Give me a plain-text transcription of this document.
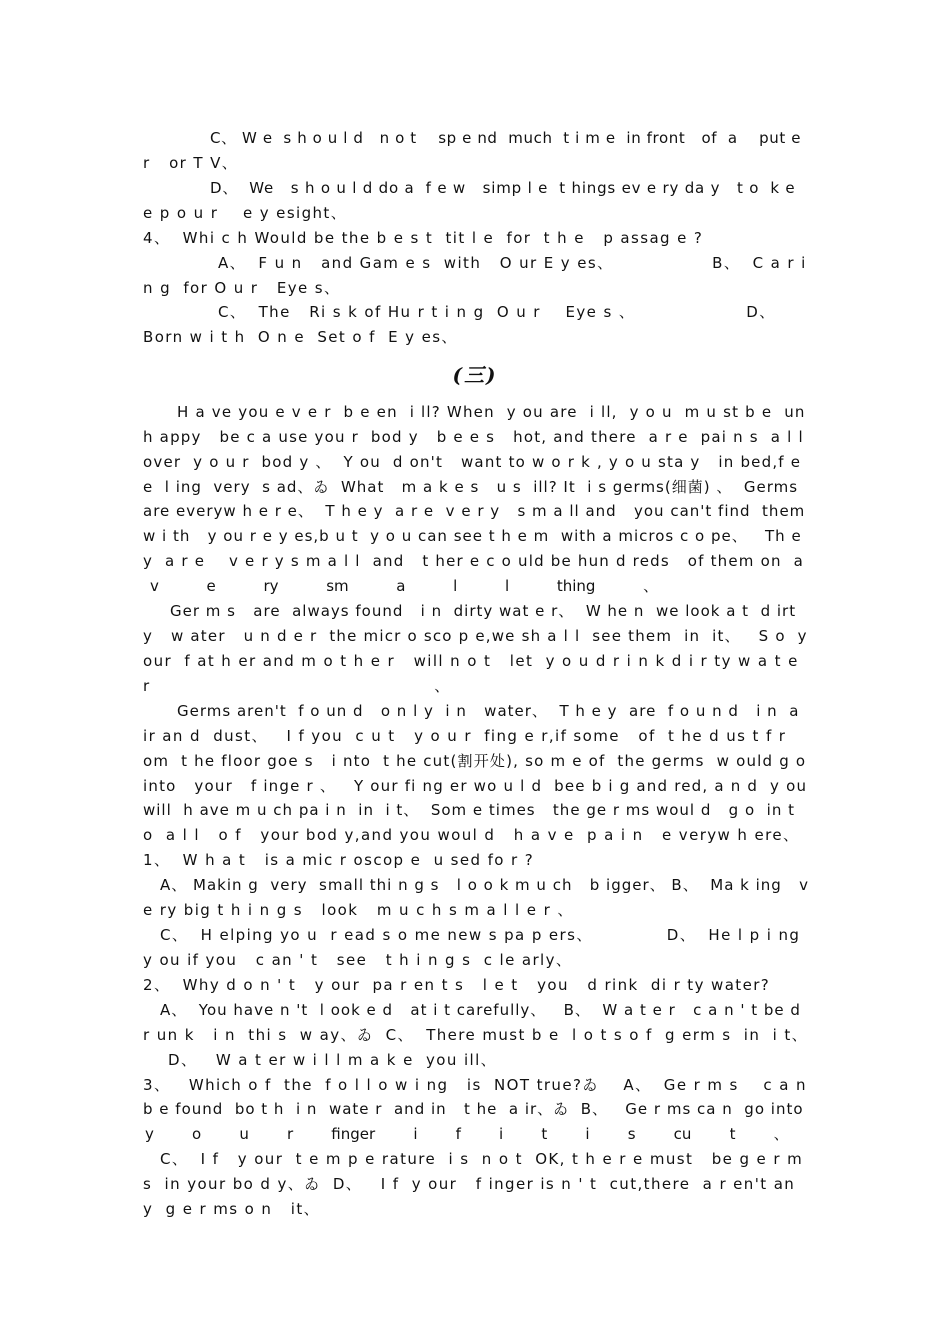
C、 W e  s h o u l d   n o t    sp e nd  much  t i m e  in front   of  a    put e
r   or T V、
D、  We   s h o u l d do a  f e w   simp l e  t hings ev e ry da y   t o  k e
e p o u r    e y esight、
4、  Whi c h Would be the b e s t  tit l e  for  t h e   p assag e ?
A、  F u n   and Gam e s  with   O ur E y es、                B、  C a r i
n g  for O u r   Eye s、
C、  The   Ri s k of Hu r t i n g  O u r    Eye s 、                  D、
Born w i t h  O n e  Set o f  E y es、
(三)
H a ve you e v e r  b e en  i ll? When  y ou are  i ll,  y o u  m u st b e  un
h appy   be c a use you r  bod y   b e e s   hot, and there  a r e  pai n s  a l l
over  y o u r  bod y 、  Y ou  d on't   want to w o r k , y o u sta y   in bed,f e
e  l ing  very  s ad、ゐ  What   m a k e s   u s  ill? It  i s germs(细菌) 、  Germs
are everyw h e r e、  T h e y  a r e  v e r y   s m a ll and   you can't find  them
w i th   y ou r e y es,b u t  y o u can see t h e m  with a micros c o pe、   Th e
y  a r e    v e r y s m a l l  and   t her e c o uld be hun d reds   of them on  a
v          e          ry          sm          a          l          l          thing          、
Ger m s   are  always found   i n  dirty wat e r、  W he n  we look a t  d irt
y   w ater   u n d e r  the micr o sco p e,we sh a l l  see them  in  it、   S o  y
our  f at h er and m o t h e r   will n o t   let  y o u d r i n k d i r ty w a t e
r                                              、
Germs aren't  f o un d   o n l y  i n   water、  T h e y  are  f o u n d   i n  a
ir an d  dust、   I f you  c u t   y o u r  fing e r,if some   of  t he d us t f r
om  t he floor goe s   i nto  t he cut(割开处), so m e of  the germs  w ould g o
into   your   f inge r 、   Y our fi ng er wo u l d  bee b i g and red, a n d  y ou
will  h ave m u ch pa i n  in  i t、  Som e times   the ge r ms woul d   g o  in t
o  a l l   o f   your bod y,and you woul d   h a v e  p a i n   e veryw h ere、
1、  W h a t   is a mic r oscop e  u sed fo r ?
A、 Makin g  very  small thi n g s   l o o k m u ch   b igger、 B、  Ma k ing   v
e ry big t h i n g s   look   m u c h s m a l l e r 、
C、  H elping yo u  r ead s o me new s pa p ers、            D、  He l p i ng
y ou if you   c an ' t   see   t h i n g s  c le arly、
2、  Why d o n ' t   y our  pa r en t s   l e t   you   d rink  di r ty water?
A、  You have n 't  l ook e d   at i t carefully、   B、  W a t e r   c a n ' t be d
r un k   i n  thi s  w ay、ゐ  C、  There must b e  l o t s o f  g erm s  in  i t、
D、   W a t er w i l l m a k e  you ill、
3、   Which o f  the  f o l l o w i ng   is  NOT true?ゐ    A、  Ge r m s    c a n
b e found  bo t h  i n  wate r  and in   t he  a ir、ゐ  B、   Ge r ms ca n  go into
y        o        u        r        finger        i        f        i        t        i        s        cu        t        、
C、  I f   y our  t e m p e rature  i s  n o t  OK, t h e r e must   be g e r m
s  in your bo d y、ゐ  D、   I f  y our   f inger is n ' t  cut,there  a r en't an
y  g e r ms o n   it、
